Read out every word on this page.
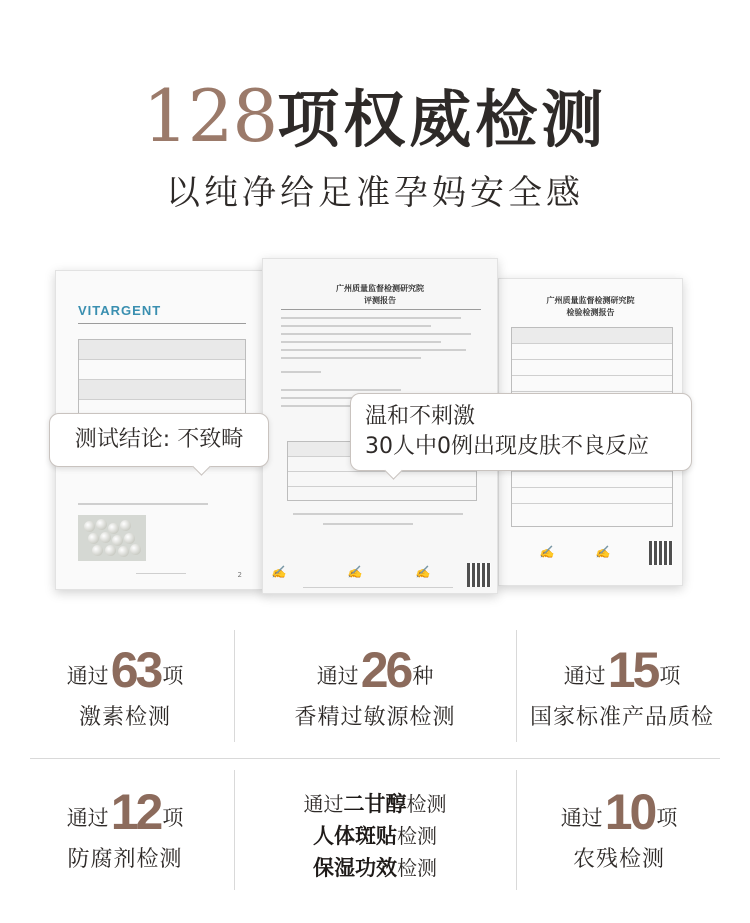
128项权威检测
以纯净给足准孕妈安全感
VITARGENT
2
广州质量监督检测研究院
检验检测报告
✍	✍
广州质量监督检测研究院
评测报告
✍	✍	✍
测试结论: 不致畸
温和不刺激
30人中0例出现皮肤不良反应
通过63项
激素检测
通过26种
香精过敏源检测
通过15项
国家标准产品质检
通过12项
防腐剂检测
通过二甘醇检测
人体斑贴检测
保湿功效检测
通过10项
农残检测
